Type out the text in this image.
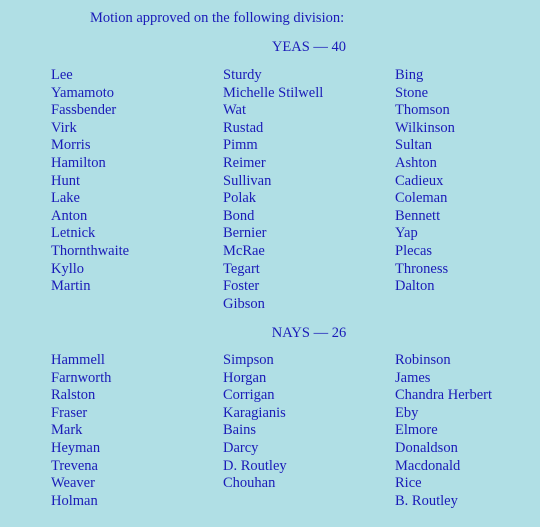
Motion approved on the following division:
YEAS — 40
Lee
Yamamoto
Fassbender
Virk
Morris
Hamilton
Hunt
Lake
Anton
Letnick
Thornthwaite
Kyllo
Martin
Sturdy
Michelle Stilwell
Wat
Rustad
Pimm
Reimer
Sullivan
Polak
Bond
Bernier
McRae
Tegart
Foster
Gibson
Bing
Stone
Thomson
Wilkinson
Sultan
Ashton
Cadieux
Coleman
Bennett
Yap
Plecas
Throness
Dalton
NAYS — 26
Hammell
Farnworth
Ralston
Fraser
Mark
Heyman
Trevena
Weaver
Holman
Simpson
Horgan
Corrigan
Karagianis
Bains
Darcy
D. Routley
Chouhan
Robinson
James
Chandra Herbert
Eby
Elmore
Donaldson
Macdonald
Rice
B. Routley
